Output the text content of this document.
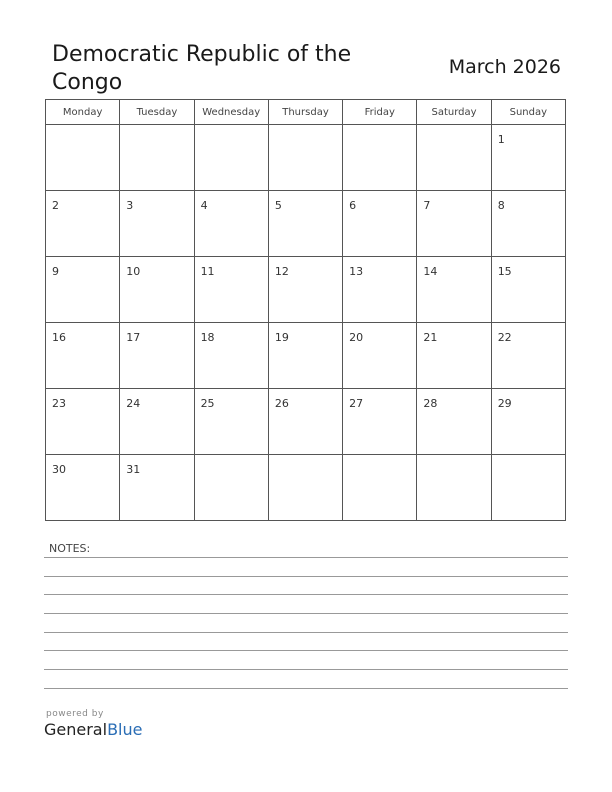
Democratic Republic of the Congo
March 2026
Monday	Tuesday	Wednesday	Thursday	Friday	Saturday	Sunday

						1

2	3	4	5	6	7	8

9	10	11	12	13	14	15

16	17	18	19	20	21	22

23	24	25	26	27	28	29

30	31					

NOTES:
powered by
GeneralBlue
